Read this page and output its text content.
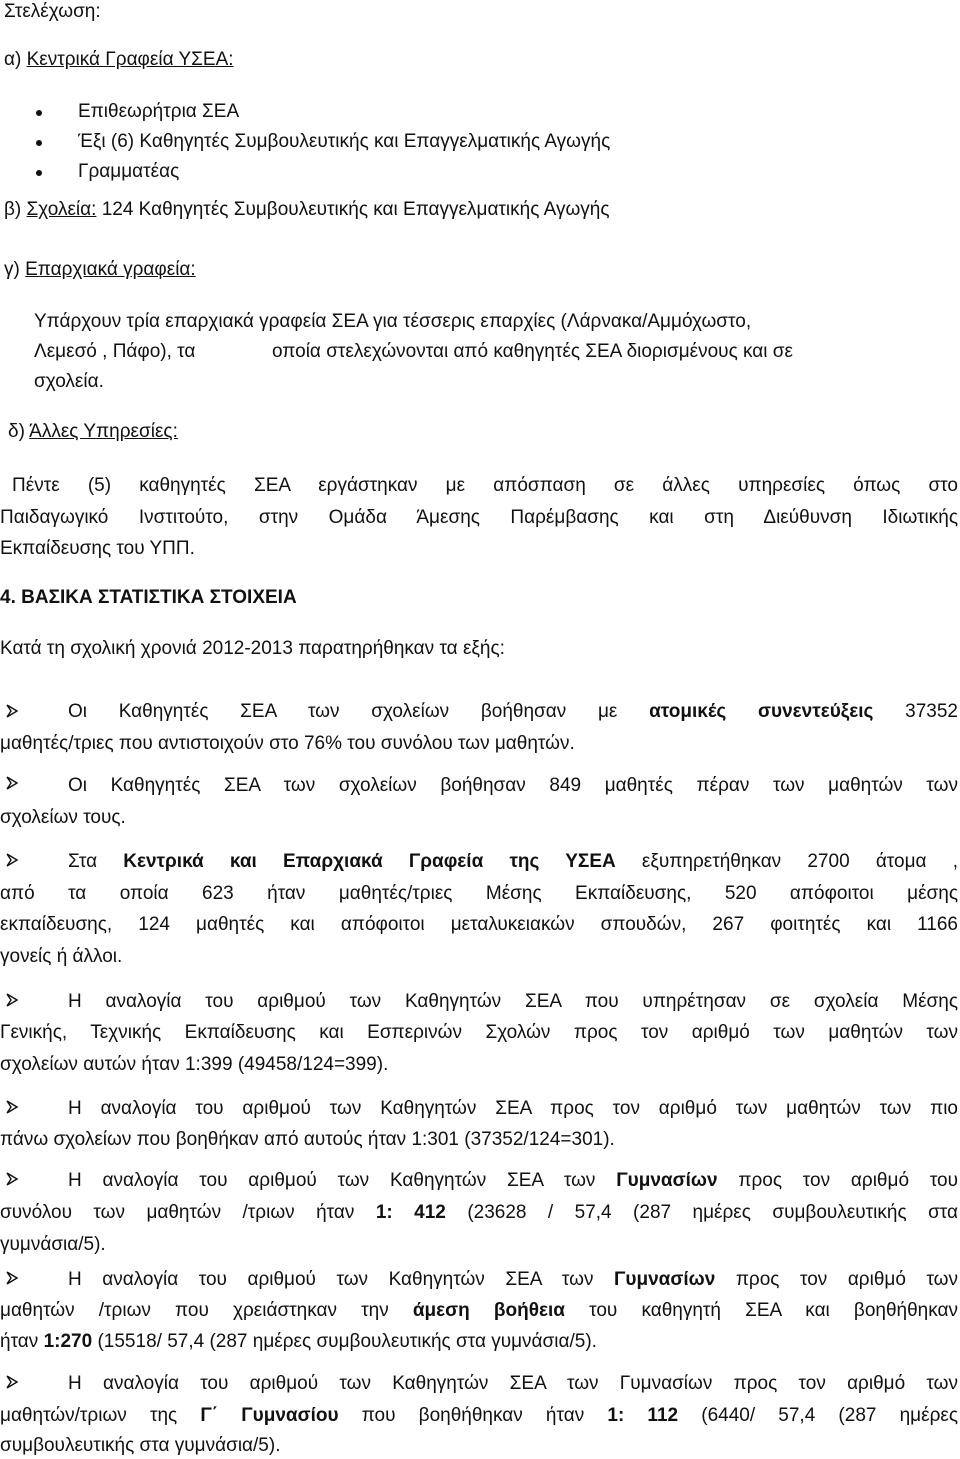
Στελέχωση:
α) Κεντρικά Γραφεία ΥΣΕΑ:
Επιθεωρήτρια ΣΕΑ
Έξι (6) Καθηγητές Συμβουλευτικής και Επαγγελματικής Αγωγής
Γραμματέας
β) Σχολεία: 124 Καθηγητές Συμβουλευτικής και Επαγγελματικής Αγωγής
γ) Επαρχιακά γραφεία:
Υπάρχουν τρία επαρχιακά γραφεία ΣΕΑ για τέσσερις επαρχίες (Λάρνακα/Αμμόχωστο,
Λεμεσό , Πάφο), τα	οποία στελεχώνονται από καθηγητές ΣΕΑ διορισμένους και σε
σχολεία.
δ) Άλλες Υπηρεσίες:
Πέντε (5) καθηγητές ΣΕΑ εργάστηκαν με απόσπαση σε άλλες υπηρεσίες όπως στο
Παιδαγωγικό Ινστιτούτο, στην Ομάδα Άμεσης Παρέμβασης και στη Διεύθυνση Ιδιωτικής
Εκπαίδευσης του ΥΠΠ.
4. ΒΑΣΙΚΑ ΣΤΑΤΙΣΤΙΚΑ ΣΤΟΙΧΕΙΑ
Κατά τη σχολική χρονιά 2012-2013 παρατηρήθηκαν τα εξής:
Οι Καθηγητές ΣΕΑ των σχολείων βοήθησαν με ατομικές συνεντεύξεις 37352
μαθητές/τριες που αντιστοιχούν στο 76% του συνόλου των μαθητών.
Οι Καθηγητές ΣΕΑ των σχολείων βοήθησαν 849 μαθητές πέραν των μαθητών των
σχολείων τους.
Στα Κεντρικά και Επαρχιακά Γραφεία της ΥΣΕΑ εξυπηρετήθηκαν 2700 άτομα ,
από τα οποία 623 ήταν μαθητές/τριες Μέσης Εκπαίδευσης, 520 απόφοιτοι μέσης
εκπαίδευσης, 124 μαθητές και απόφοιτοι μεταλυκειακών σπουδών, 267 φοιτητές και 1166
γονείς ή άλλοι.
Η αναλογία του αριθμού των Καθηγητών ΣΕΑ που υπηρέτησαν σε σχολεία Μέσης
Γενικής, Τεχνικής Εκπαίδευσης και Εσπερινών Σχολών προς τον αριθμό των μαθητών των
σχολείων αυτών ήταν 1:399 (49458/124=399).
Η αναλογία του αριθμού των Καθηγητών ΣΕΑ προς τον αριθμό των μαθητών των πιο
πάνω σχολείων που βοηθήκαν από αυτούς ήταν 1:301 (37352/124=301).
Η αναλογία του αριθμού των Καθηγητών ΣΕΑ των Γυμνασίων προς τον αριθμό του
συνόλου των μαθητών /τριων ήταν 1: 412 (23628 / 57,4 (287 ημέρες συμβουλευτικής στα
γυμνάσια/5).
Η αναλογία του αριθμού των Καθηγητών ΣΕΑ των Γυμνασίων προς τον αριθμό των
μαθητών /τριων που χρειάστηκαν την άμεση βοήθεια του καθηγητή ΣΕΑ και βοηθήθηκαν
ήταν 1:270 (15518/ 57,4 (287 ημέρες συμβουλευτικής στα γυμνάσια/5).
Η αναλογία του αριθμού των Καθηγητών ΣΕΑ των Γυμνασίων προς τον αριθμό των
μαθητών/τριων της Γ΄ Γυμνασίου που βοηθήθηκαν ήταν 1: 112 (6440/ 57,4 (287 ημέρες
συμβουλευτικής στα γυμνάσια/5).
